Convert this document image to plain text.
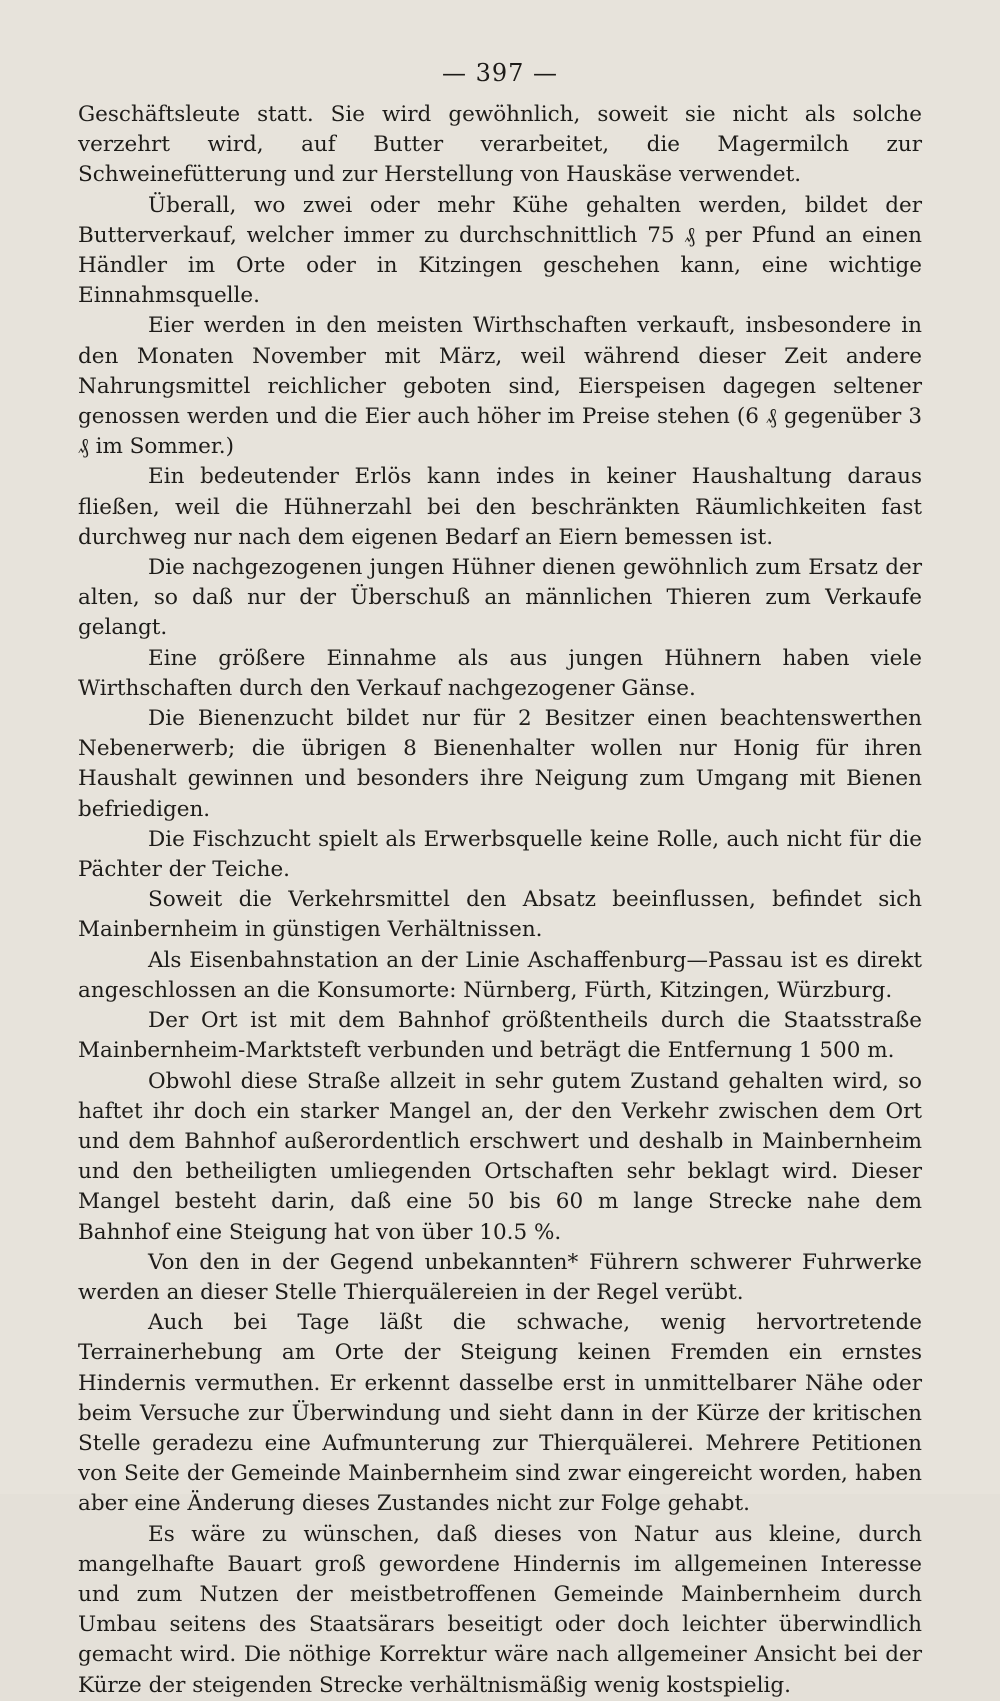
— 397 —

Geschäftsleute statt. Sie wird gewöhnlich, soweit sie nicht als solche verzehrt wird, auf Butter verarbeitet, die Magermilch zur Schweinefütterung und zur Herstellung von Hauskäse verwendet.

Überall, wo zwei oder mehr Kühe gehalten werden, bildet der Butterverkauf, welcher immer zu durchschnittlich 75 ₰ per Pfund an einen Händler im Orte oder in Kitzingen geschehen kann, eine wichtige Einnahmsquelle.

Eier werden in den meisten Wirthschaften verkauft, insbesondere in den Monaten November mit März, weil während dieser Zeit andere Nahrungsmittel reichlicher geboten sind, Eierspeisen dagegen seltener genossen werden und die Eier auch höher im Preise stehen (6 ₰ gegenüber 3 ₰ im Sommer.)

Ein bedeutender Erlös kann indes in keiner Haushaltung daraus fließen, weil die Hühnerzahl bei den beschränkten Räumlichkeiten fast durchweg nur nach dem eigenen Bedarf an Eiern bemessen ist.

Die nachgezogenen jungen Hühner dienen gewöhnlich zum Ersatz der alten, so daß nur der Überschuß an männlichen Thieren zum Verkaufe gelangt.

Eine größere Einnahme als aus jungen Hühnern haben viele Wirthschaften durch den Verkauf nachgezogener Gänse.

Die Bienenzucht bildet nur für 2 Besitzer einen beachtenswerthen Nebenerwerb; die übrigen 8 Bienenhalter wollen nur Honig für ihren Haushalt gewinnen und besonders ihre Neigung zum Umgang mit Bienen befriedigen.

Die Fischzucht spielt als Erwerbsquelle keine Rolle, auch nicht für die Pächter der Teiche.

Soweit die Verkehrsmittel den Absatz beeinflussen, befindet sich Mainbernheim in günstigen Verhältnissen.

Als Eisenbahnstation an der Linie Aschaffenburg—Passau ist es direkt angeschlossen an die Konsumorte: Nürnberg, Fürth, Kitzingen, Würzburg.

Der Ort ist mit dem Bahnhof größtentheils durch die Staatsstraße Mainbernheim-Marktsteft verbunden und beträgt die Entfernung 1 500 m.

Obwohl diese Straße allzeit in sehr gutem Zustand gehalten wird, so haftet ihr doch ein starker Mangel an, der den Verkehr zwischen dem Ort und dem Bahnhof außerordentlich erschwert und deshalb in Mainbernheim und den betheiligten umliegenden Ortschaften sehr beklagt wird. Dieser Mangel besteht darin, daß eine 50 bis 60 m lange Strecke nahe dem Bahnhof eine Steigung hat von über 10.5 %.

Von den in der Gegend unbekannten* Führern schwerer Fuhrwerke werden an dieser Stelle Thierquälereien in der Regel verübt.

Auch bei Tage läßt die schwache, wenig hervortretende Terrainerhebung am Orte der Steigung keinen Fremden ein ernstes Hindernis vermuthen. Er erkennt dasselbe erst in unmittelbarer Nähe oder beim Versuche zur Überwindung und sieht dann in der Kürze der kritischen Stelle geradezu eine Aufmunterung zur Thierquälerei. Mehrere Petitionen von Seite der Gemeinde Mainbernheim sind zwar eingereicht worden, haben aber eine Änderung dieses Zustandes nicht zur Folge gehabt.

Es wäre zu wünschen, daß dieses von Natur aus kleine, durch mangelhafte Bauart groß gewordene Hindernis im allgemeinen Interesse und zum Nutzen der meistbetroffenen Gemeinde Mainbernheim durch Umbau seitens des Staatsärars beseitigt oder doch leichter überwindlich gemacht wird. Die nöthige Korrektur wäre nach allgemeiner Ansicht bei der Kürze der steigenden Strecke verhältnismäßig wenig kostspielig.
